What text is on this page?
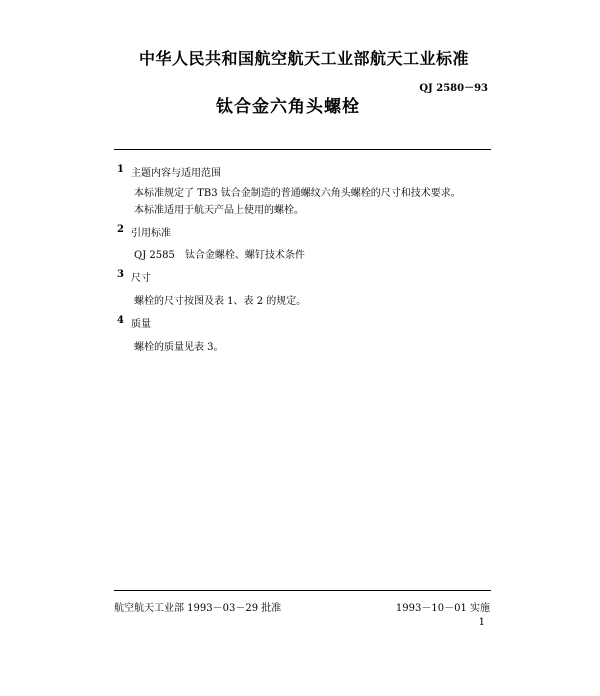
中华人民共和国航空航天工业部航天工业标准
QJ 2580－93
钛合金六角头螺栓
1 主题内容与适用范围
本标准规定了 TB3 钛合金制造的普通螺纹六角头螺栓的尺寸和技术要求。
本标准适用于航天产品上使用的螺栓。
2 引用标准
QJ 2585　钛合金螺栓、螺钉技术条件
3 尺寸
螺栓的尺寸按图及表 1、表 2 的规定。
4 质量
螺栓的质量见表 3。
航空航天工业部 1993－03－29 批准	1993－10－01 实施
1
